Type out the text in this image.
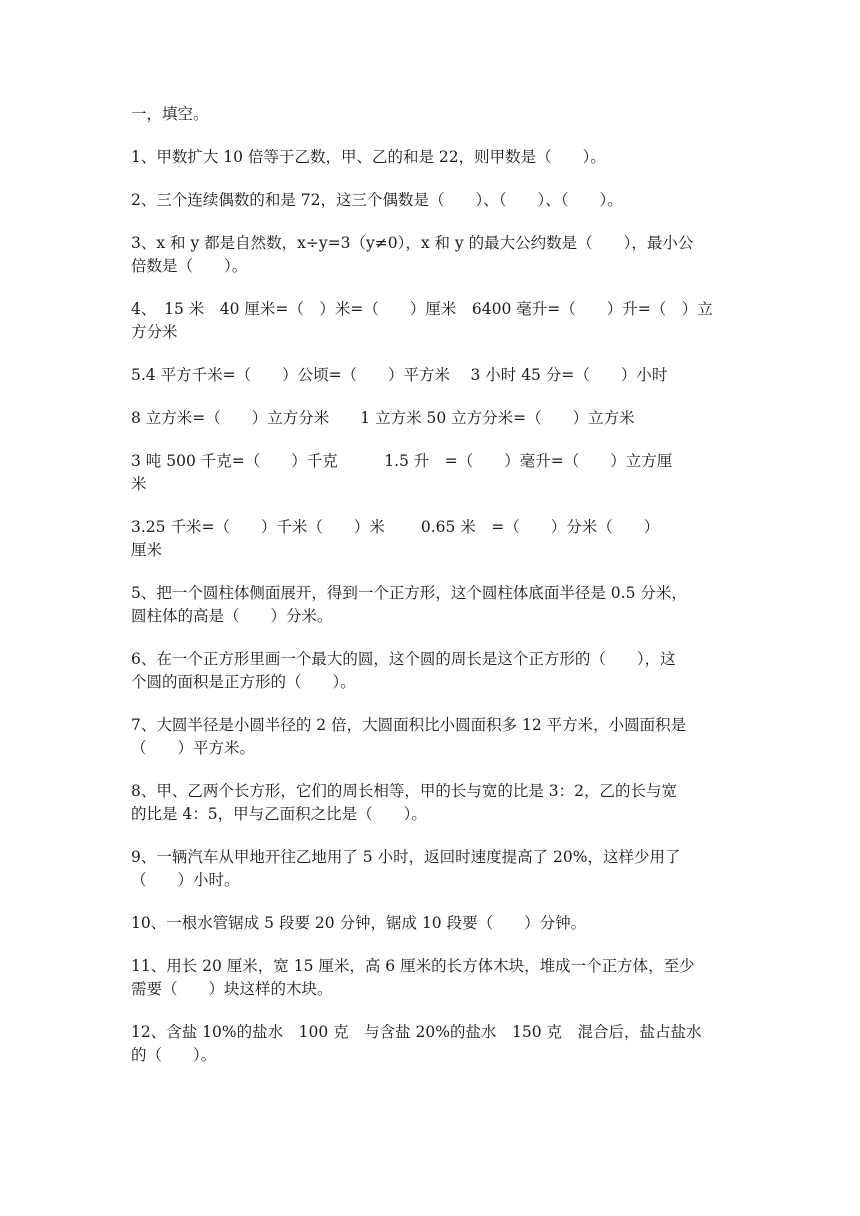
一，填空。
1、甲数扩大 10 倍等于乙数，甲、乙的和是 22，则甲数是（　　）。
2、三个连续偶数的和是 72，这三个偶数是（　　）、（　　）、（　　）。
3、x 和 y 都是自然数，x÷y=3（y≠0），x 和 y 的最大公约数是（　　），最小公
倍数是（　　）。
4、　15 米　40 厘米=（　）米=（　　）厘米　6400 毫升=（　　）升=（　）立
方分米
5.4 平方千米=（　　）公顷=（　　）平方米　 3 小时 45 分=（　　）小时
8 立方米=（　　）立方分米　　1 立方米 50 立方分米=（　　）立方米
3 吨 500 千克=（　　）千克　　　1.5 升　=（　　）毫升=（　　）立方厘
米
3.25 千米=（　　）千米（　　）米　　 0.65 米　=（　　）分米（　　）
厘米
5、把一个圆柱体侧面展开，得到一个正方形，这个圆柱体底面半径是 0.5 分米，
圆柱体的高是（　　）分米。
6、在一个正方形里画一个最大的圆，这个圆的周长是这个正方形的（　　），这
个圆的面积是正方形的（　　）。
7、大圆半径是小圆半径的 2 倍，大圆面积比小圆面积多 12 平方米，小圆面积是
（　　）平方米。
8、甲、乙两个长方形，它们的周长相等，甲的长与宽的比是 3：2，乙的长与宽
的比是 4：5，甲与乙面积之比是（　　）。
9、一辆汽车从甲地开往乙地用了 5 小时，返回时速度提高了 20%，这样少用了
（　　）小时。
10、一根水管锯成 5 段要 20 分钟，锯成 10 段要（　　）分钟。
11、用长 20 厘米，宽 15 厘米，高 6 厘米的长方体木块，堆成一个正方体，至少
需要（　　）块这样的木块。
12、含盐 10%的盐水　100 克　与含盐 20%的盐水　150 克　混合后，盐占盐水
的（　　）。
